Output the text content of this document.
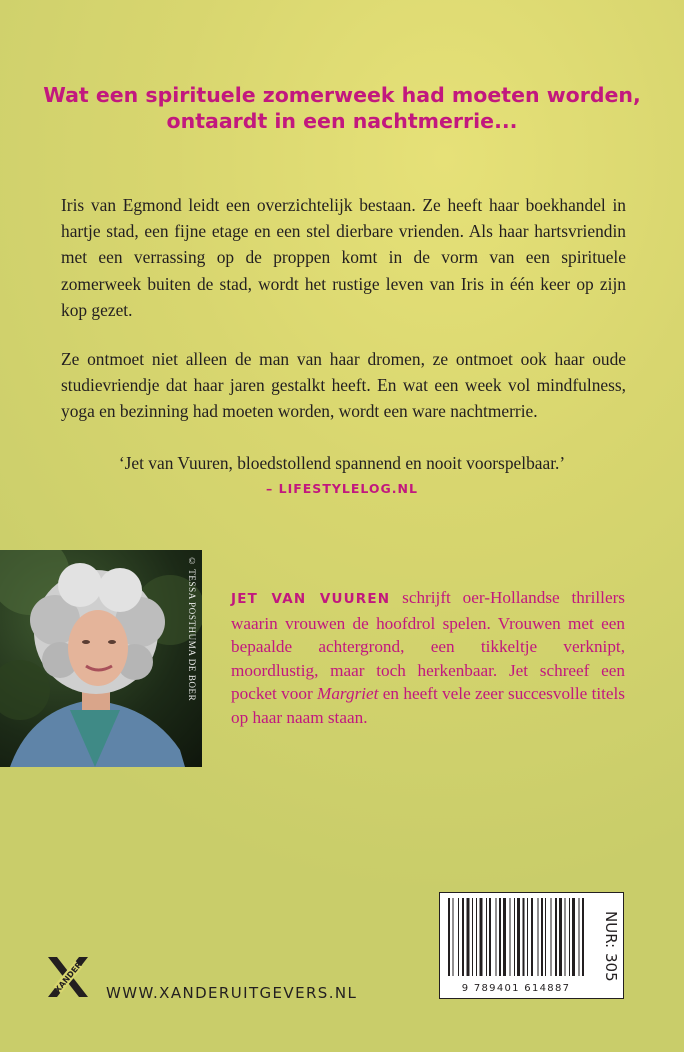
Wat een spirituele zomerweek had moeten worden,
ontaardt in een nachtmerrie...
Iris van Egmond leidt een overzichtelijk bestaan. Ze heeft haar boekhandel in hartje stad, een fijne etage en een stel dierbare vrienden. Als haar hartsvriendin met een verrassing op de proppen komt in de vorm van een spirituele zomerweek buiten de stad, wordt het rustige leven van Iris in één keer op zijn kop gezet.
Ze ontmoet niet alleen de man van haar dromen, ze ontmoet ook haar oude studievriendje dat haar jaren gestalkt heeft. En wat een week vol mindfulness, yoga en bezinning had moeten worden, wordt een ware nachtmerrie.
‘Jet van Vuuren, bloedstollend spannend en nooit voorspelbaar.’
– LIFESTYLELOG.NL
© TESSA POSTHUMA DE BOER	JET VAN VUUREN schrijft oer-Hollandse thrillers waarin vrouwen de hoofdrol spelen. Vrouwen met een bepaalde achtergrond, een tikkeltje verknipt, moordlustig, maar toch herkenbaar. Jet schreef een pocket voor Margriet en heeft vele zeer succesvolle titels op haar naam staan.
XANDER WWW.XANDERUITGEVERS.NL	9 789401 614887
NUR: 305
